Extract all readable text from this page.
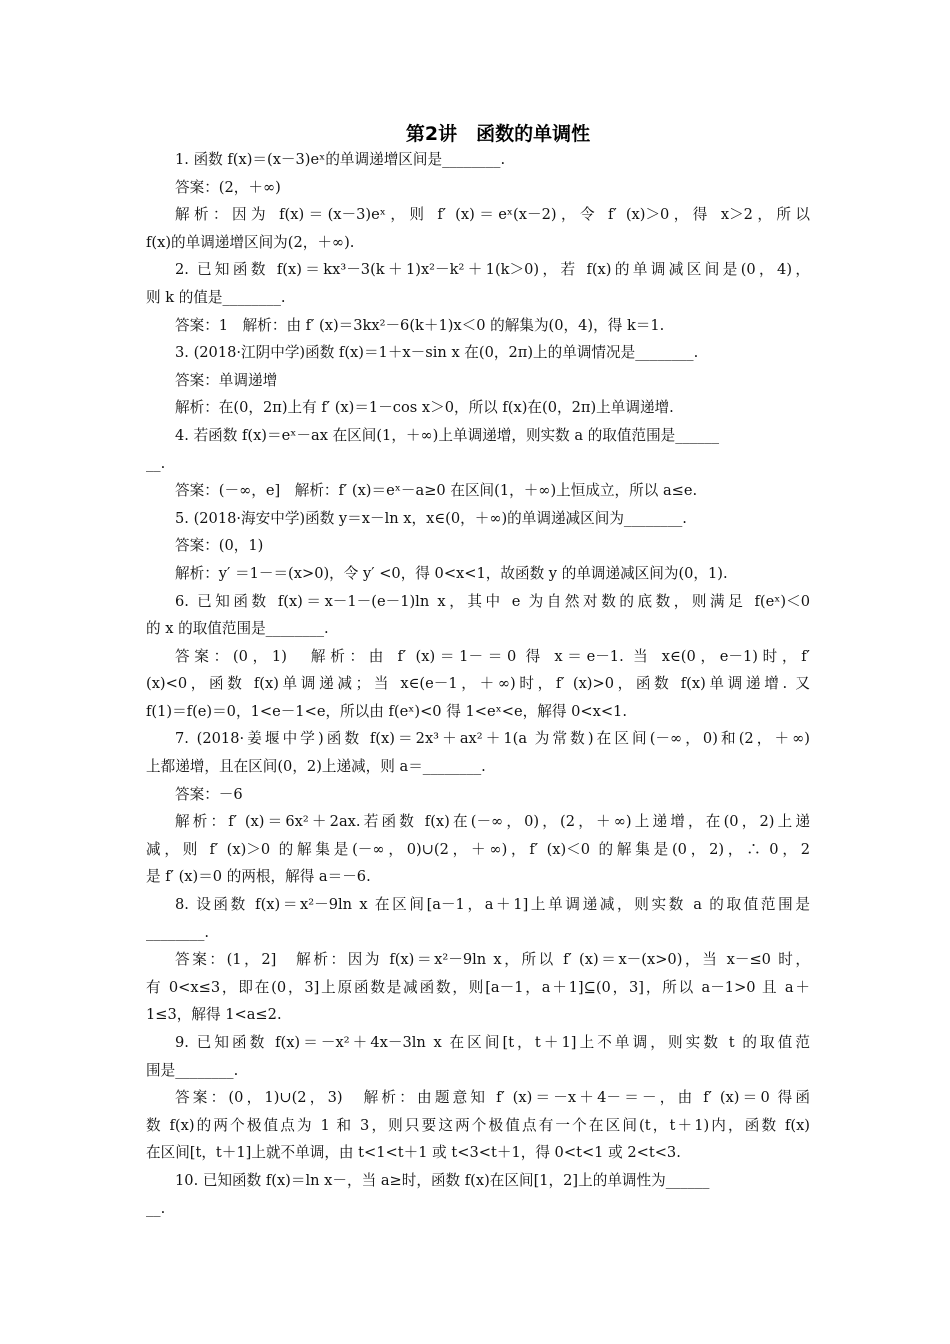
第2讲　函数的单调性
1. 函数 f(x)＝(x－3)eˣ的单调递增区间是________.
答案：(2，＋∞)
解析：因为 f(x)＝(x－3)eˣ，则 f′ (x)＝eˣ(x－2)，令 f′ (x)＞0，得 x＞2，所以
f(x)的单调递增区间为(2，＋∞).
2. 已知函数 f(x)＝kx³－3(k＋1)x²－k²＋1(k＞0)，若 f(x)的单调减区间是(0，4)，
则 k 的值是________.
答案：1　解析：由 f′ (x)＝3kx²－6(k＋1)x＜0 的解集为(0，4)，得 k＝1.
3. (2018·江阴中学)函数 f(x)＝1＋x－sin x 在(0，2π)上的单调情况是________.
答案：单调递增
解析：在(0，2π)上有 f′ (x)＝1－cos x＞0，所以 f(x)在(0，2π)上单调递增.
4. 若函数 f(x)＝eˣ－ax 在区间(1，＋∞)上单调递增，则实数 a 的取值范围是______
__.
答案：(－∞，e]　解析：f′ (x)＝eˣ－a≥0 在区间(1，＋∞)上恒成立，所以 a≤e.
5. (2018·海安中学)函数 y＝x－ln x，x∈(0，＋∞)的单调递减区间为________.
答案：(0，1)
解析：y′ ＝1－＝(x>0)，令 y′ <0，得 0<x<1，故函数 y 的单调递减区间为(0，1).
6. 已知函数 f(x)＝x－1－(e－1)ln x，其中 e 为自然对数的底数，则满足 f(eˣ)＜0
的 x 的取值范围是________.
答案：(0，1)　解析：由 f′ (x)＝1－＝0 得 x＝e－1. 当 x∈(0，e－1)时，f′
(x)<0，函数 f(x)单调递减；当 x∈(e－1，＋∞)时，f′ (x)>0，函数 f(x)单调递增. 又
f(1)＝f(e)＝0，1<e－1<e，所以由 f(eˣ)<0 得 1<eˣ<e，解得 0<x<1.
7. (2018·姜堰中学)函数 f(x)＝2x³＋ax²＋1(a 为常数)在区间(－∞，0)和(2，＋∞)
上都递增，且在区间(0，2)上递减，则 a＝________.
答案：－6
解析：f′ (x)＝6x²＋2ax.若函数 f(x)在(－∞，0)，(2，＋∞)上递增，在(0，2)上递
减，则 f′ (x)＞0 的解集是(－∞，0)∪(2，＋∞)，f′ (x)＜0 的解集是(0，2)，∴ 0，2
是 f′ (x)＝0 的两根，解得 a＝－6.
8. 设函数 f(x)＝x²－9ln x 在区间[a－1，a＋1]上单调递减，则实数 a 的取值范围是
________.
答案：(1，2]　解析：因为 f(x)＝x²－9ln x，所以 f′ (x)＝x－(x>0)，当 x－≤0 时，
有 0<x≤3，即在(0，3]上原函数是减函数，则[a－1，a＋1]⊆(0，3]，所以 a－1>0 且 a＋
1≤3，解得 1<a≤2.
9. 已知函数 f(x)＝－x²＋4x－3ln x 在区间[t，t＋1]上不单调，则实数 t 的取值范
围是________.
答案：(0，1)∪(2，3)　解析：由题意知 f′ (x)＝－x＋4－＝－，由 f′ (x)＝0 得函
数 f(x)的两个极值点为 1 和 3，则只要这两个极值点有一个在区间(t，t＋1)内，函数 f(x)
在区间[t，t＋1]上就不单调，由 t<1<t＋1 或 t<3<t＋1，得 0<t<1 或 2<t<3.
10. 已知函数 f(x)＝ln x－，当 a≥时，函数 f(x)在区间[1，2]上的单调性为______
__.
